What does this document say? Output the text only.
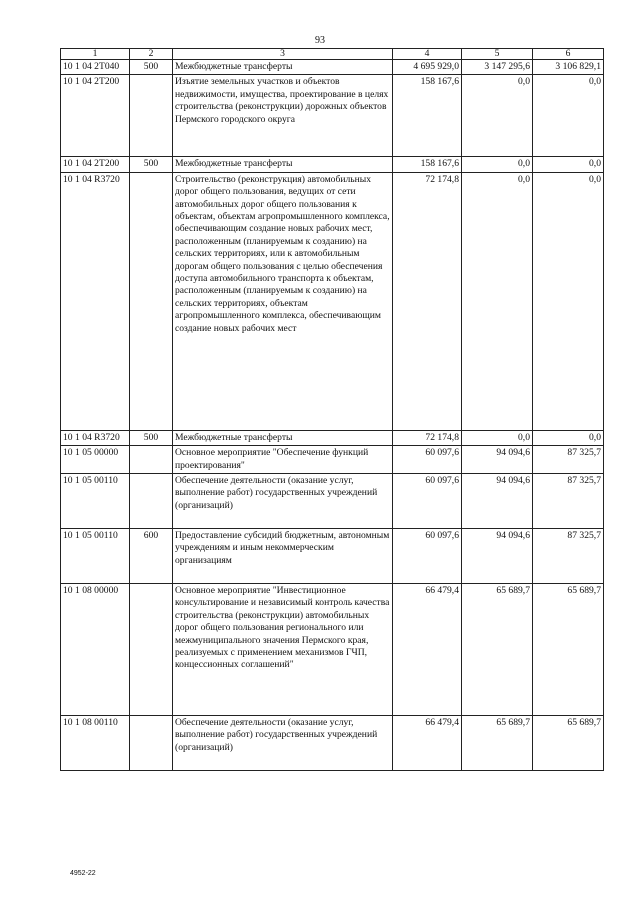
93
1	2	3	4	5	6
10 1 04 2T040	500	Межбюджетные трансферты	4 695 929,0	3 147 295,6	3 106 829,1
10 1 04 2T200		Изъятие земельных участков и объектов недвижимости, имущества, проектирование в целях строительства (реконструкции) дорожных объектов Пермского городского округа	158 167,6	0,0	0,0
10 1 04 2T200	500	Межбюджетные трансферты	158 167,6	0,0	0,0
10 1 04 R3720		Строительство (реконструкция) автомобильных дорог общего пользования, ведущих от сети автомобильных дорог общего пользования к объектам, объектам агропромышленного комплекса, обеспечивающим создание новых рабочих мест, расположенным (планируемым к созданию) на сельских территориях, или к автомобильным дорогам общего пользования с целью обеспечения доступа автомобильного транспорта к объектам, расположенным (планируемым к созданию) на сельских территориях, объектам агропромышленного комплекса, обеспечивающим создание новых рабочих мест	72 174,8	0,0	0,0
10 1 04 R3720	500	Межбюджетные трансферты	72 174,8	0,0	0,0
10 1 05 00000		Основное мероприятие "Обеспечение функций проектирования"	60 097,6	94 094,6	87 325,7
10 1 05 00110		Обеспечение деятельности (оказание услуг, выполнение работ) государственных учреждений (организаций)	60 097,6	94 094,6	87 325,7
10 1 05 00110	600	Предоставление субсидий бюджетным, автономным учреждениям и иным некоммерческим организациям	60 097,6	94 094,6	87 325,7
10 1 08 00000		Основное мероприятие "Инвестиционное консультирование и независимый контроль качества строительства (реконструкции) автомобильных дорог общего пользования регионального или межмуниципального значения Пермского края, реализуемых с применением механизмов ГЧП, концессионных соглашений"	66 479,4	65 689,7	65 689,7
10 1 08 00110		Обеспечение деятельности (оказание услуг, выполнение работ) государственных учреждений (организаций)	66 479,4	65 689,7	65 689,7
4952-22
